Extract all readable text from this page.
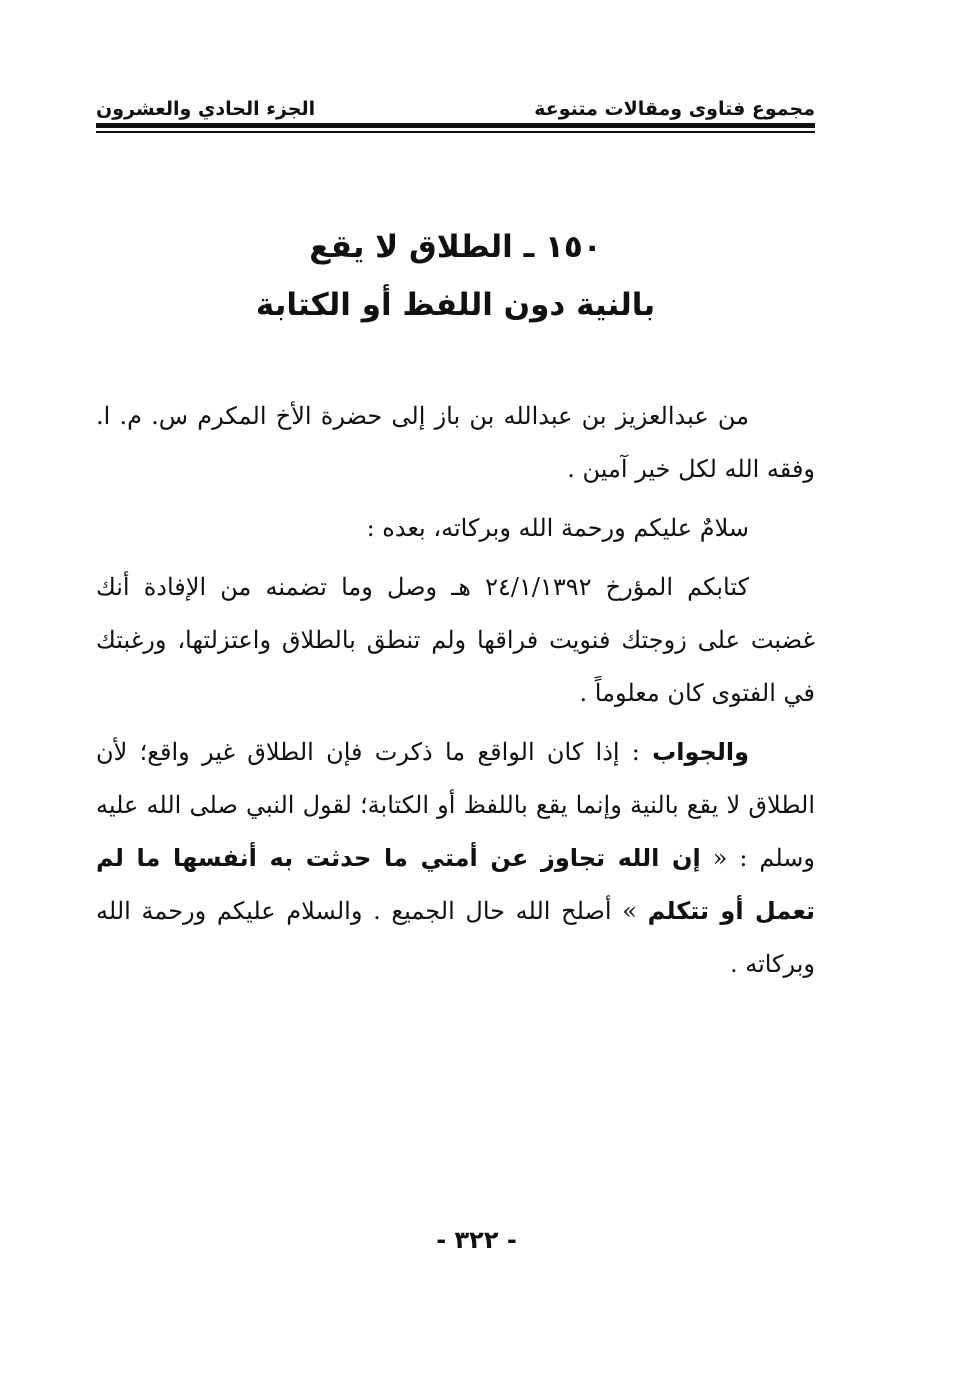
مجموع فتاوى ومقالات متنوعة
الجزء الحادي والعشرون
١٥٠ ـ الطلاق لا يقع
بالنية دون اللفظ أو الكتابة

من عبدالعزيز بن عبدالله بن باز إلى حضرة الأخ المكرم س. م. ا. وفقه الله لكل خير آمين .

سلامٌ عليكم ورحمة الله وبركاته، بعده :

كتابكم المؤرخ ٢٤/١/١٣٩٢ هـ وصل وما تضمنه من الإفادة أنك غضبت على زوجتك فنويت فراقها ولم تنطق بالطلاق واعتزلتها، ورغبتك في الفتوى كان معلوماً .

والجواب : إذا كان الواقع ما ذكرت فإن الطلاق غير واقع؛ لأن الطلاق لا يقع بالنية وإنما يقع باللفظ أو الكتابة؛ لقول النبي صلى الله عليه وسلم : « إن الله تجاوز عن أمتي ما حدثت به أنفسها ما لم تعمل أو تتكلم » أصلح الله حال الجميع . والسلام عليكم ورحمة الله وبركاته .

- ٣٢٢ -
